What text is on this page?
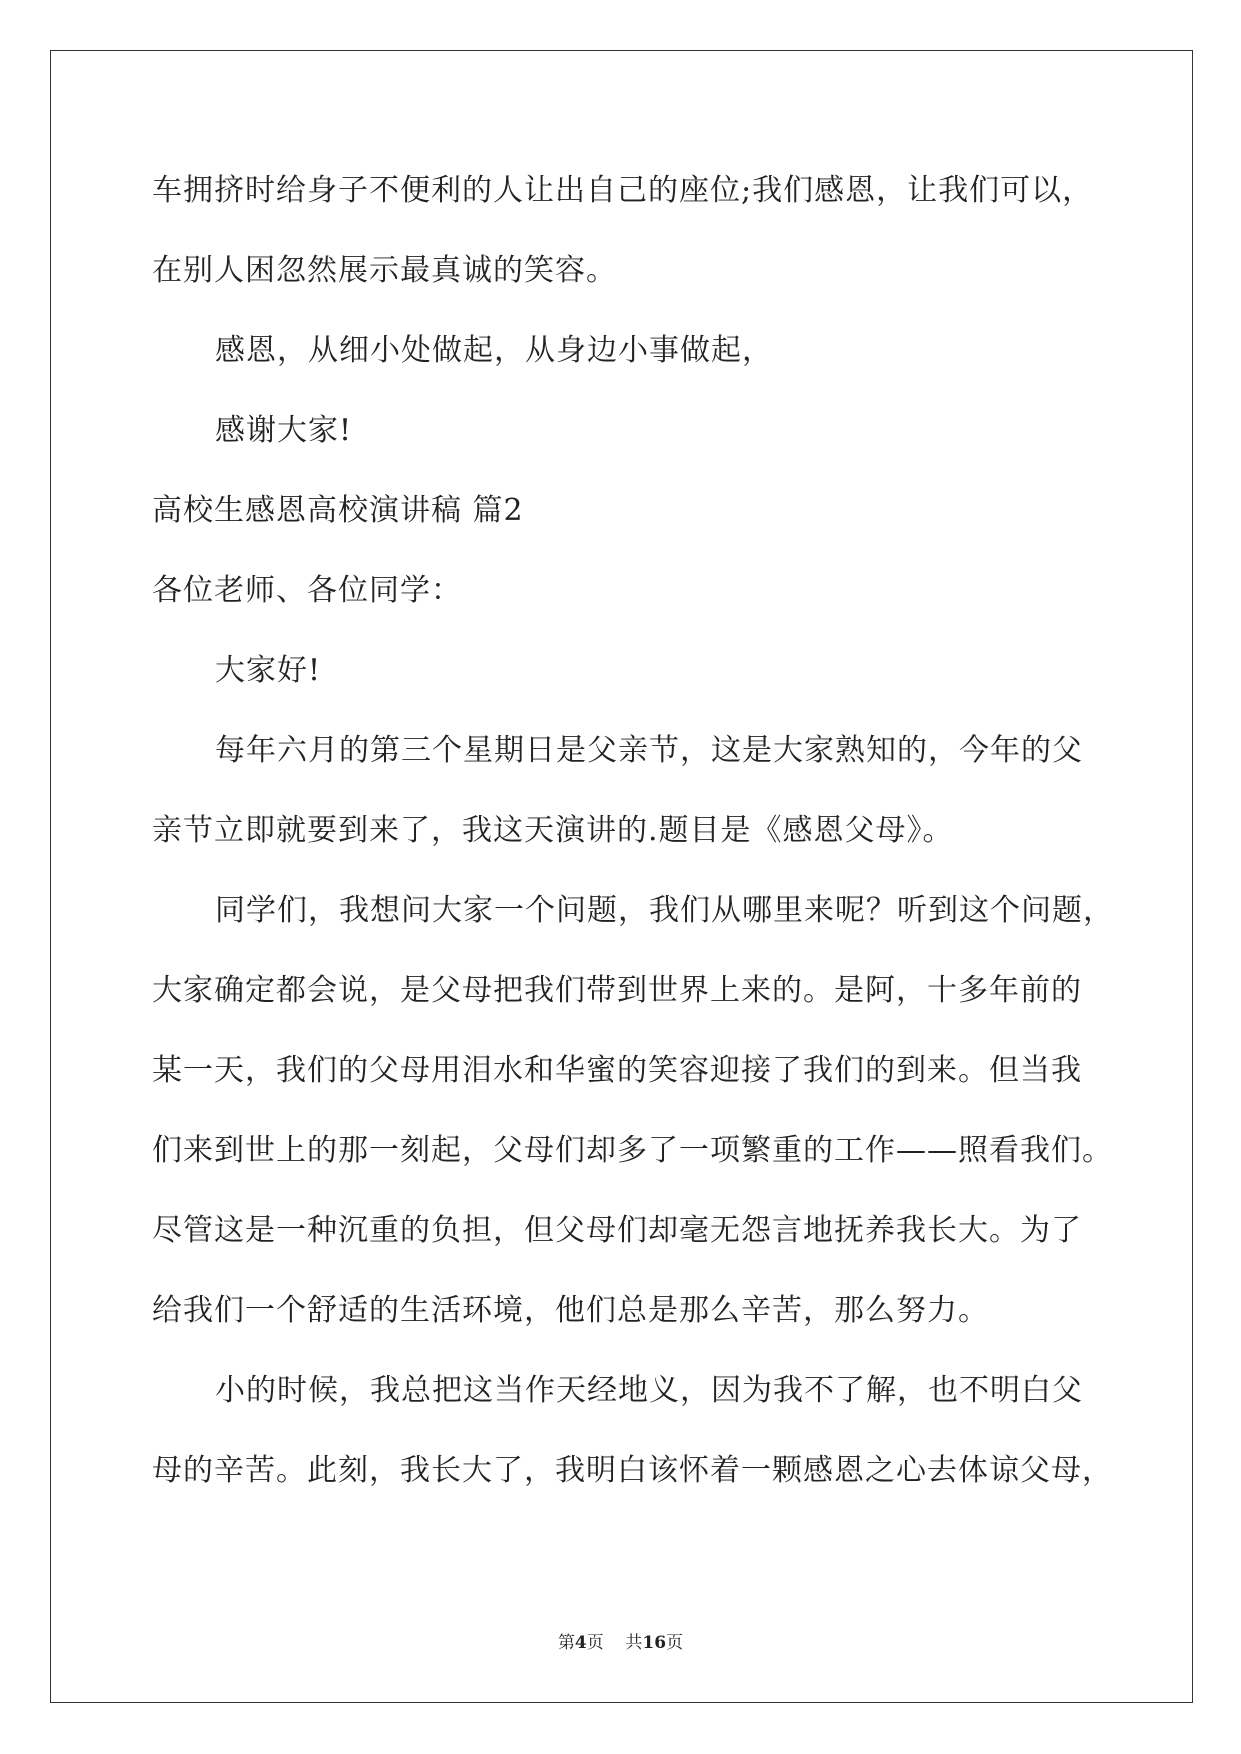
车拥挤时给身子不便利的人让出自己的座位;我们感恩，让我们可以，
在别人困忽然展示最真诚的笑容。
感恩，从细小处做起，从身边小事做起，
感谢大家!
高校生感恩高校演讲稿 篇2
各位老师、各位同学：
大家好!
每年六月的第三个星期日是父亲节，这是大家熟知的，今年的父
亲节立即就要到来了，我这天演讲的.题目是《感恩父母》。
同学们，我想问大家一个问题，我们从哪里来呢？听到这个问题，
大家确定都会说，是父母把我们带到世界上来的。是阿，十多年前的
某一天，我们的父母用泪水和华蜜的笑容迎接了我们的到来。但当我
们来到世上的那一刻起，父母们却多了一项繁重的工作——照看我们。
尽管这是一种沉重的负担，但父母们却毫无怨言地抚养我长大。为了
给我们一个舒适的生活环境，他们总是那么辛苦，那么努力。
小的时候，我总把这当作天经地义，因为我不了解，也不明白父
母的辛苦。此刻，我长大了，我明白该怀着一颗感恩之心去体谅父母，
第4页 共16页
